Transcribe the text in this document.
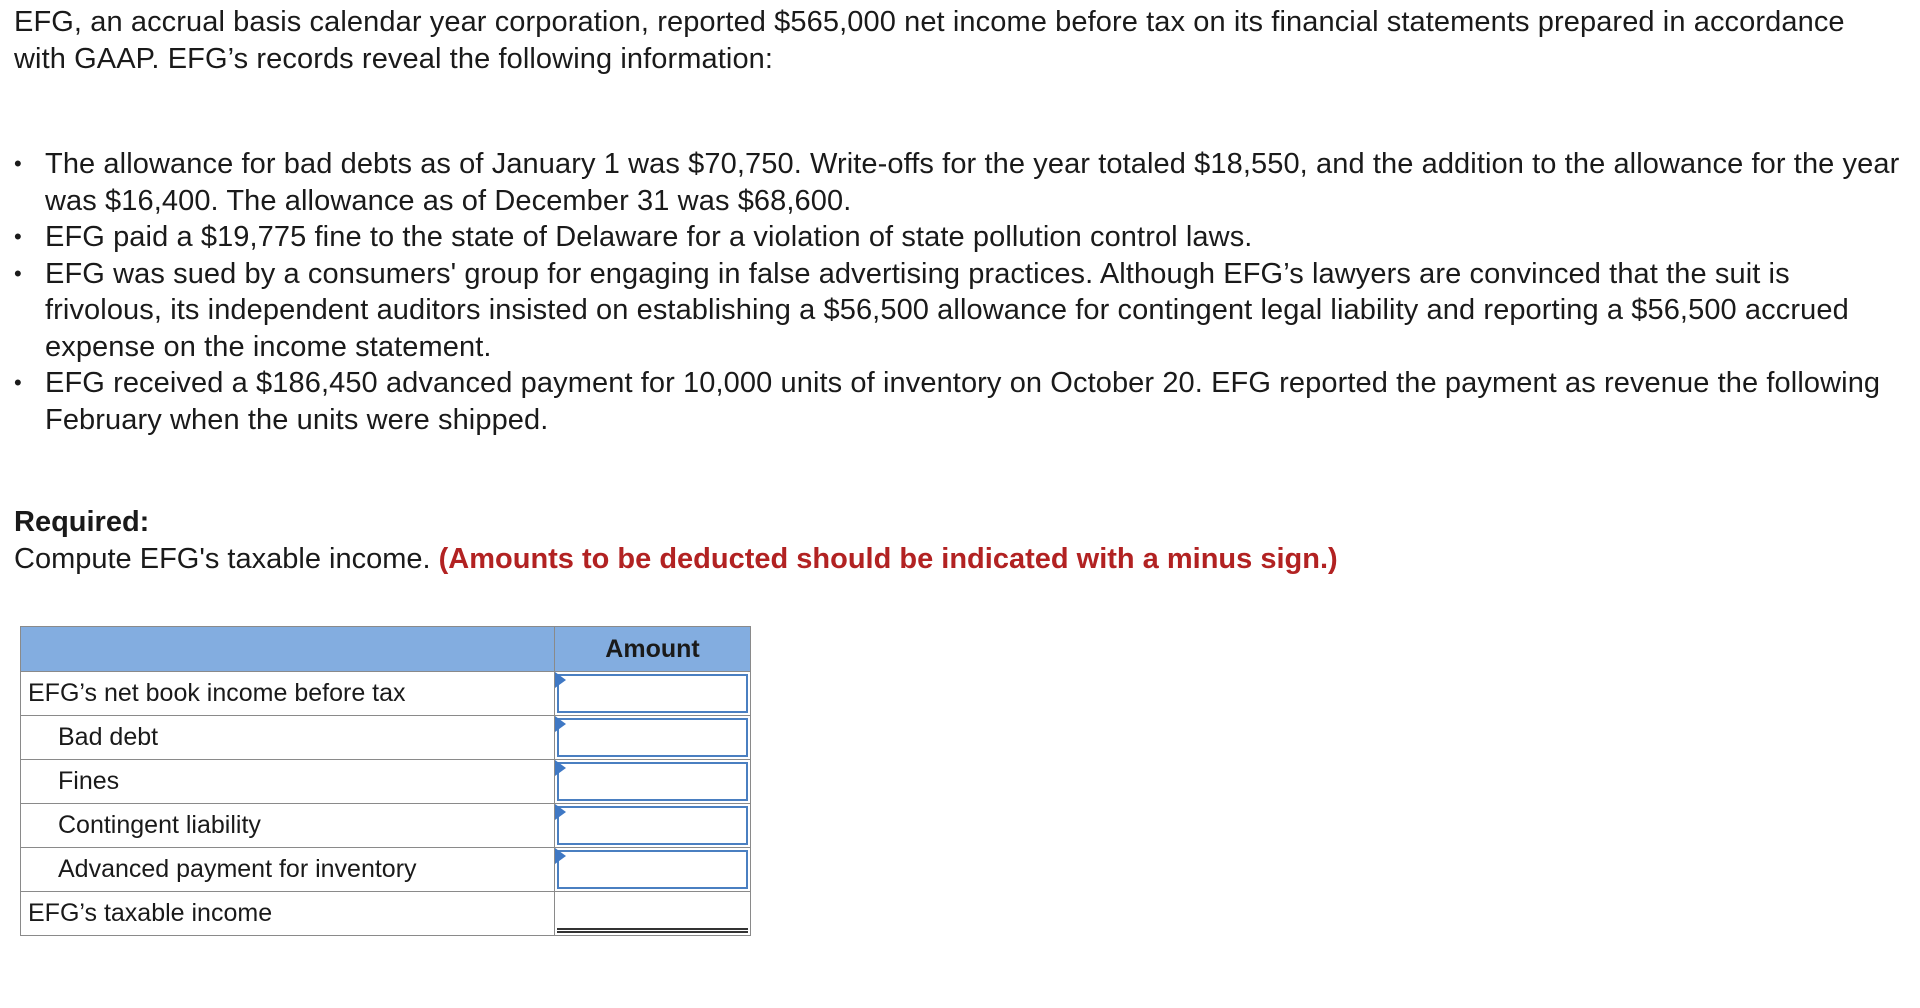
EFG, an accrual basis calendar year corporation, reported $565,000 net income before tax on its financial statements prepared in accordance with GAAP. EFG’s records reveal the following information:

• The allowance for bad debts as of January 1 was $70,750. Write-offs for the year totaled $18,550, and the addition to the allowance for the year was $16,400. The allowance as of December 31 was $68,600.
• EFG paid a $19,775 fine to the state of Delaware for a violation of state pollution control laws.
• EFG was sued by a consumers' group for engaging in false advertising practices. Although EFG’s lawyers are convinced that the suit is frivolous, its independent auditors insisted on establishing a $56,500 allowance for contingent legal liability and reporting a $56,500 accrued expense on the income statement.
• EFG received a $186,450 advanced payment for 10,000 units of inventory on October 20. EFG reported the payment as revenue the following February when the units were shipped.
Required:
Compute EFG's taxable income. (Amounts to be deducted should be indicated with a minus sign.)
	Amount
EFG’s net book income before tax	

Bad debt	

Fines	

Contingent liability	

Advanced payment for inventory	

EFG’s taxable income	
